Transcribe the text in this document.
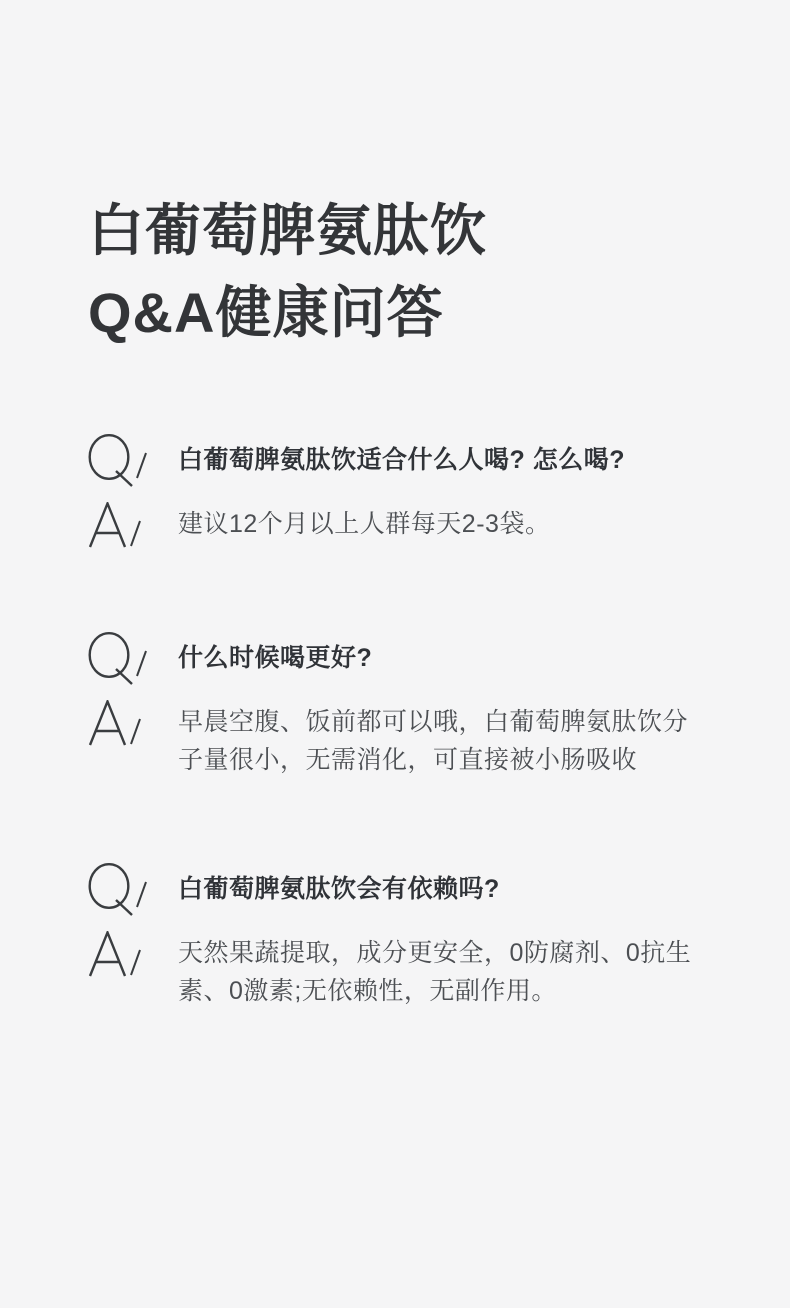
白葡萄脾氨肽饮
Q&A健康问答
白葡萄脾氨肽饮适合什么人喝? 怎么喝?
建议12个月以上人群每天2-3袋。
什么时候喝更好?
早晨空腹、饭前都可以哦，白葡萄脾氨肽饮分子量很小，无需消化，可直接被小肠吸收
白葡萄脾氨肽饮会有依赖吗?
天然果蔬提取，成分更安全，0防腐剂、0抗生素、0激素;无依赖性，无副作用。
